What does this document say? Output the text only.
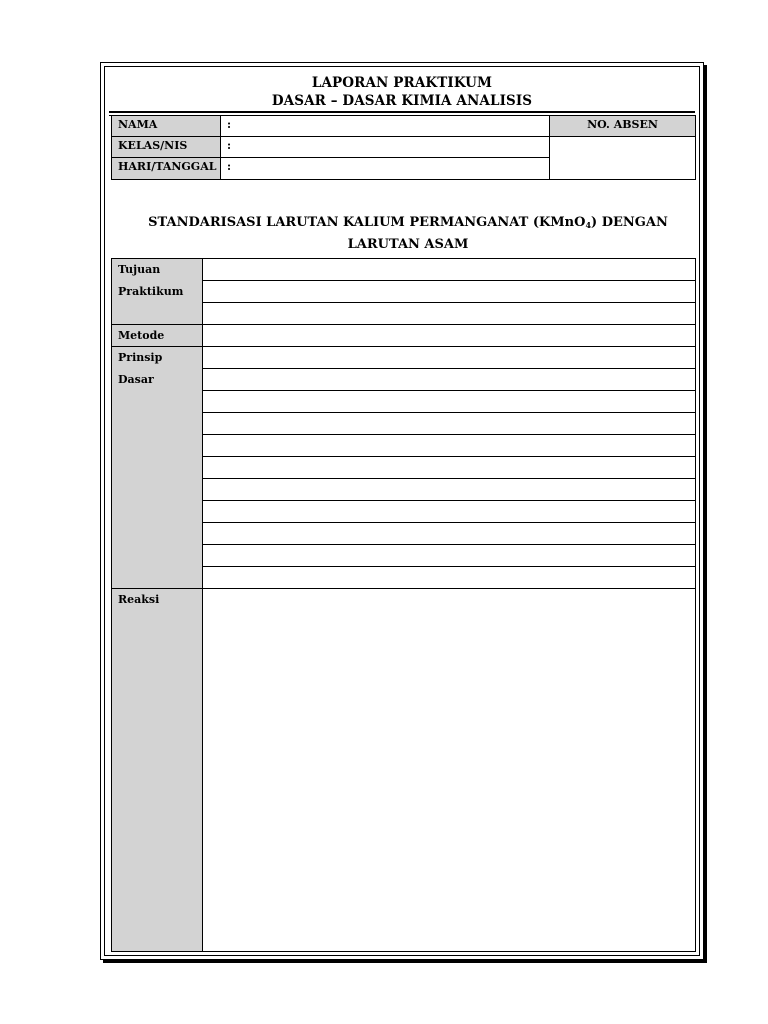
LAPORAN PRAKTIKUM
DASAR – DASAR KIMIA ANALISIS
NAMA	:	NO. ABSEN
KELAS/NIS	:
HARI/TANGGAL :
STANDARISASI LARUTAN KALIUM PERMANGANAT (KMnO$_4$) DENGAN LARUTAN ASAM

Tujuan Praktikum
Metode
Prinsip Dasar
Reaksi
